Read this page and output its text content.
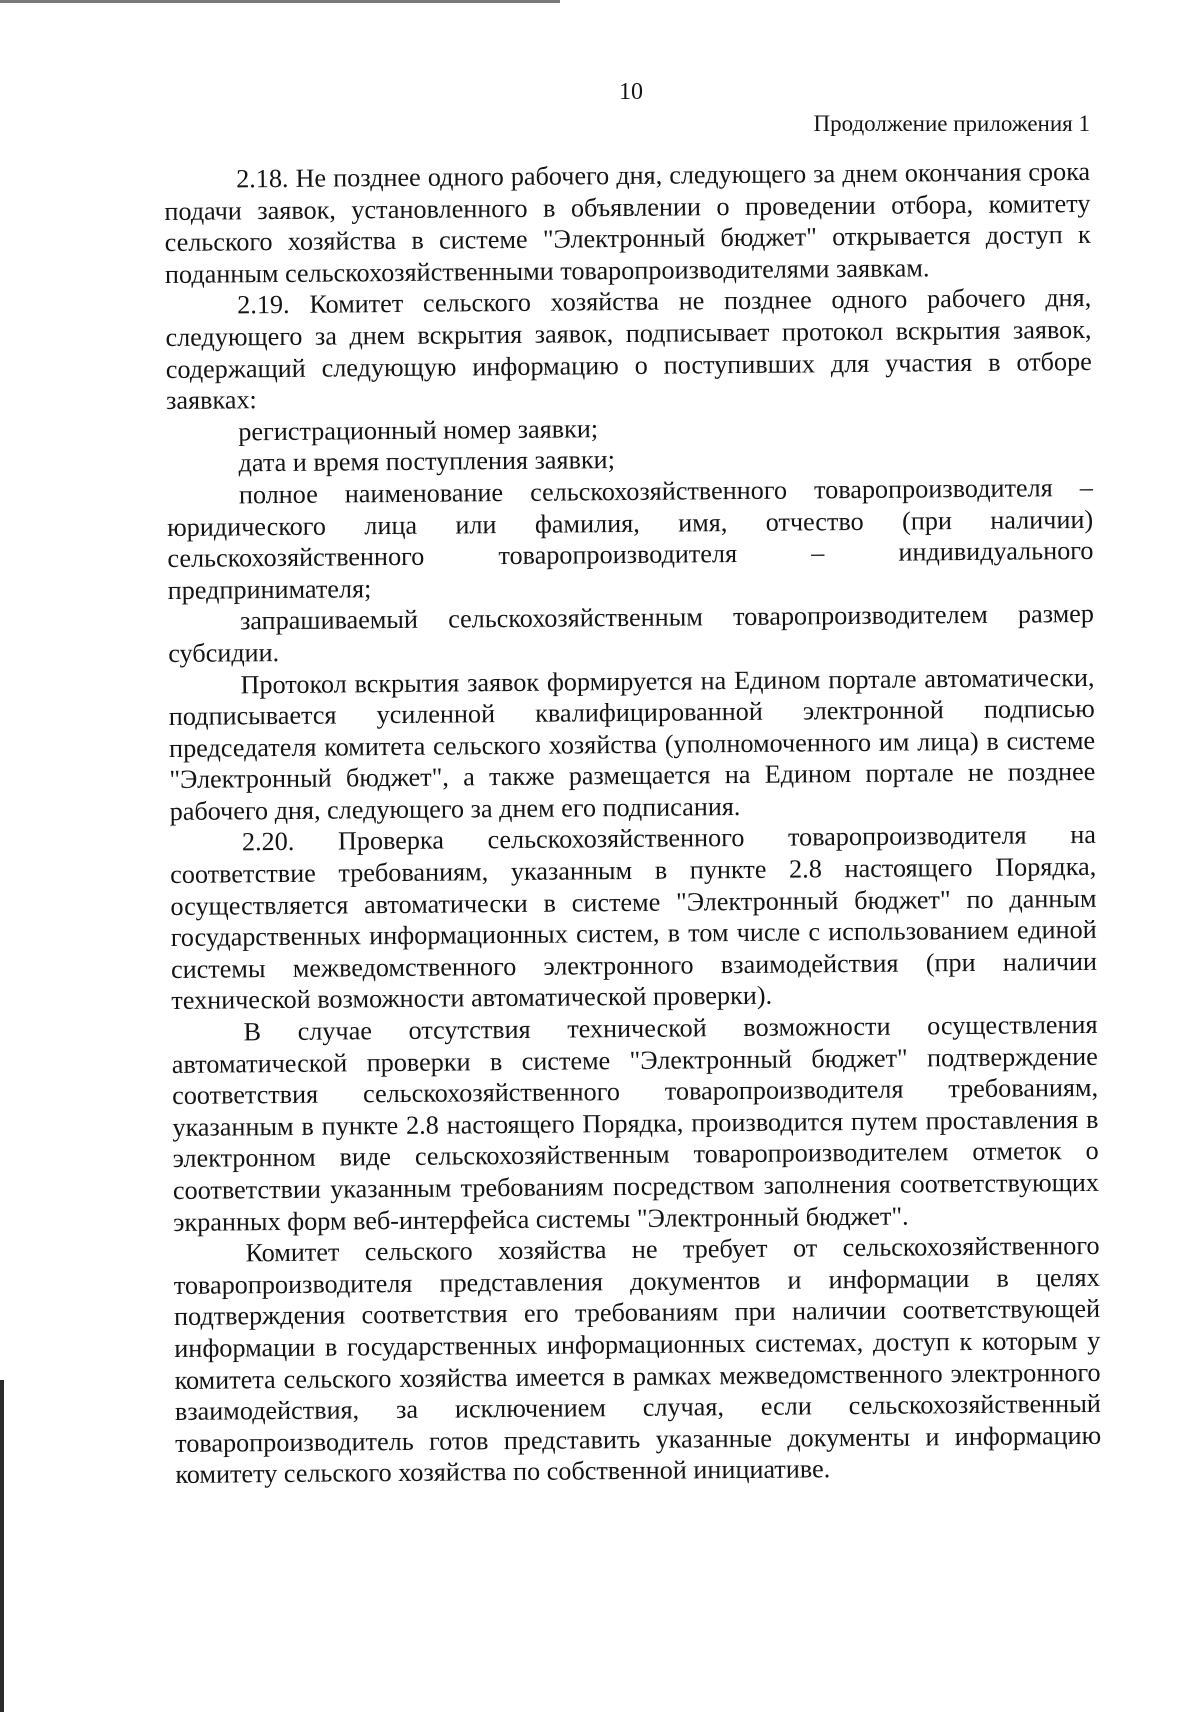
10
Продолжение приложения 1

2.18. Не позднее одного рабочего дня, следующего за днем окончания срока подачи заявок, установленного в объявлении о проведении отбора, комитету сельского хозяйства в системе "Электронный бюджет" открывается доступ к поданным сельскохозяйственными товаропроизводителями заявкам.

2.19. Комитет сельского хозяйства не позднее одного рабочего дня, следующего за днем вскрытия заявок, подписывает протокол вскрытия заявок, содержащий следующую информацию о поступивших для участия в отборе заявках:

регистрационный номер заявки;

дата и время поступления заявки;

полное наименование сельскохозяйственного товаропроизводителя – юридического лица или фамилия, имя, отчество (при наличии) сельскохозяйственного товаропроизводителя – индивидуального предпринимателя;

запрашиваемый сельскохозяйственным товаропроизводителем размер субсидии.

Протокол вскрытия заявок формируется на Едином портале автоматически, подписывается усиленной квалифицированной электронной подписью председателя комитета сельского хозяйства (уполномоченного им лица) в системе "Электронный бюджет", а также размещается на Едином портале не позднее рабочего дня, следующего за днем его подписания.

2.20. Проверка сельскохозяйственного товаропроизводителя на соответствие требованиям, указанным в пункте 2.8 настоящего Порядка, осуществляется автоматически в системе "Электронный бюджет" по данным государственных информационных систем, в том числе с использованием единой системы межведомственного электронного взаимодействия (при наличии технической возможности автоматической проверки).

В случае отсутствия технической возможности осуществления автоматической проверки в системе "Электронный бюджет" подтверждение соответствия сельскохозяйственного товаропроизводителя требованиям, указанным в пункте 2.8 настоящего Порядка, производится путем проставления в электронном виде сельскохозяйственным товаропроизводителем отметок о соответствии указанным требованиям посредством заполнения соответствующих экранных форм веб-интерфейса системы "Электронный бюджет".

Комитет сельского хозяйства не требует от сельскохозяйственного товаропроизводителя представления документов и информации в целях подтверждения соответствия его требованиям при наличии соответствующей информации в государственных информационных системах, доступ к которым у комитета сельского хозяйства имеется в рамках межведомственного электронного взаимодействия, за исключением случая, если сельскохозяйственный товаропроизводитель готов представить указанные документы и информацию комитету сельского хозяйства по собственной инициативе.
